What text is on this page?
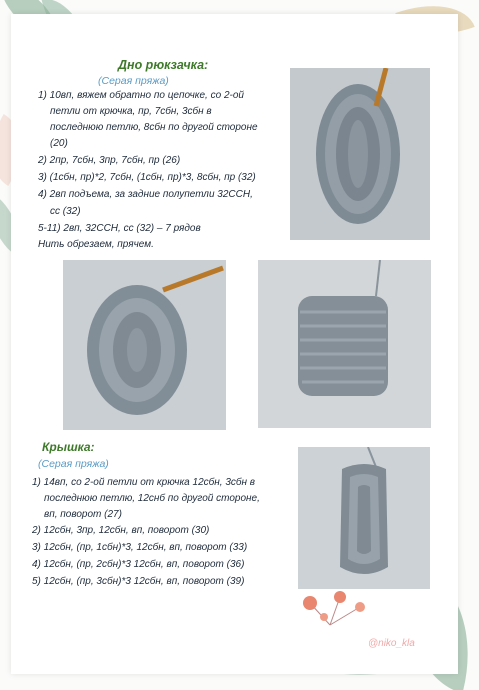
Дно рюкзачка:
(Серая пряжа)
1) 10вп, вяжем обратно по цепочке, со 2-ой
петли от крючка, пр, 7сбн, 3сбн в
последнюю петлю, 8сбн по другой стороне
(20)
2) 2пр, 7сбн, 3пр, 7сбн, пр (26)
3) (1сбн, пр)*2, 7сбн, (1сбн, пр)*3, 8сбн, пр (32)
4) 2вп подъема, за задние полупетли 32ССН,
сс (32)
5-11) 2вп, 32ССН, сс (32) – 7 рядов
Нить обрезаем, прячем.
Крышка:
(Серая пряжа)
1) 14вп, со 2-ой петли от крючка 12сбн, 3сбн в
последнюю петлю, 12снб по другой стороне,
вп, поворот (27)
2) 12сбн, 3пр, 12сбн, вп, поворот (30)
3) 12сбн, (пр, 1сбн)*3, 12сбн, вп, поворот (33)
4) 12сбн, (пр, 2сбн)*3 12сбн, вп, поворот (36)
5) 12сбн, (пр, 3сбн)*3 12сбн, вп, поворот (39)
@niko_kla
